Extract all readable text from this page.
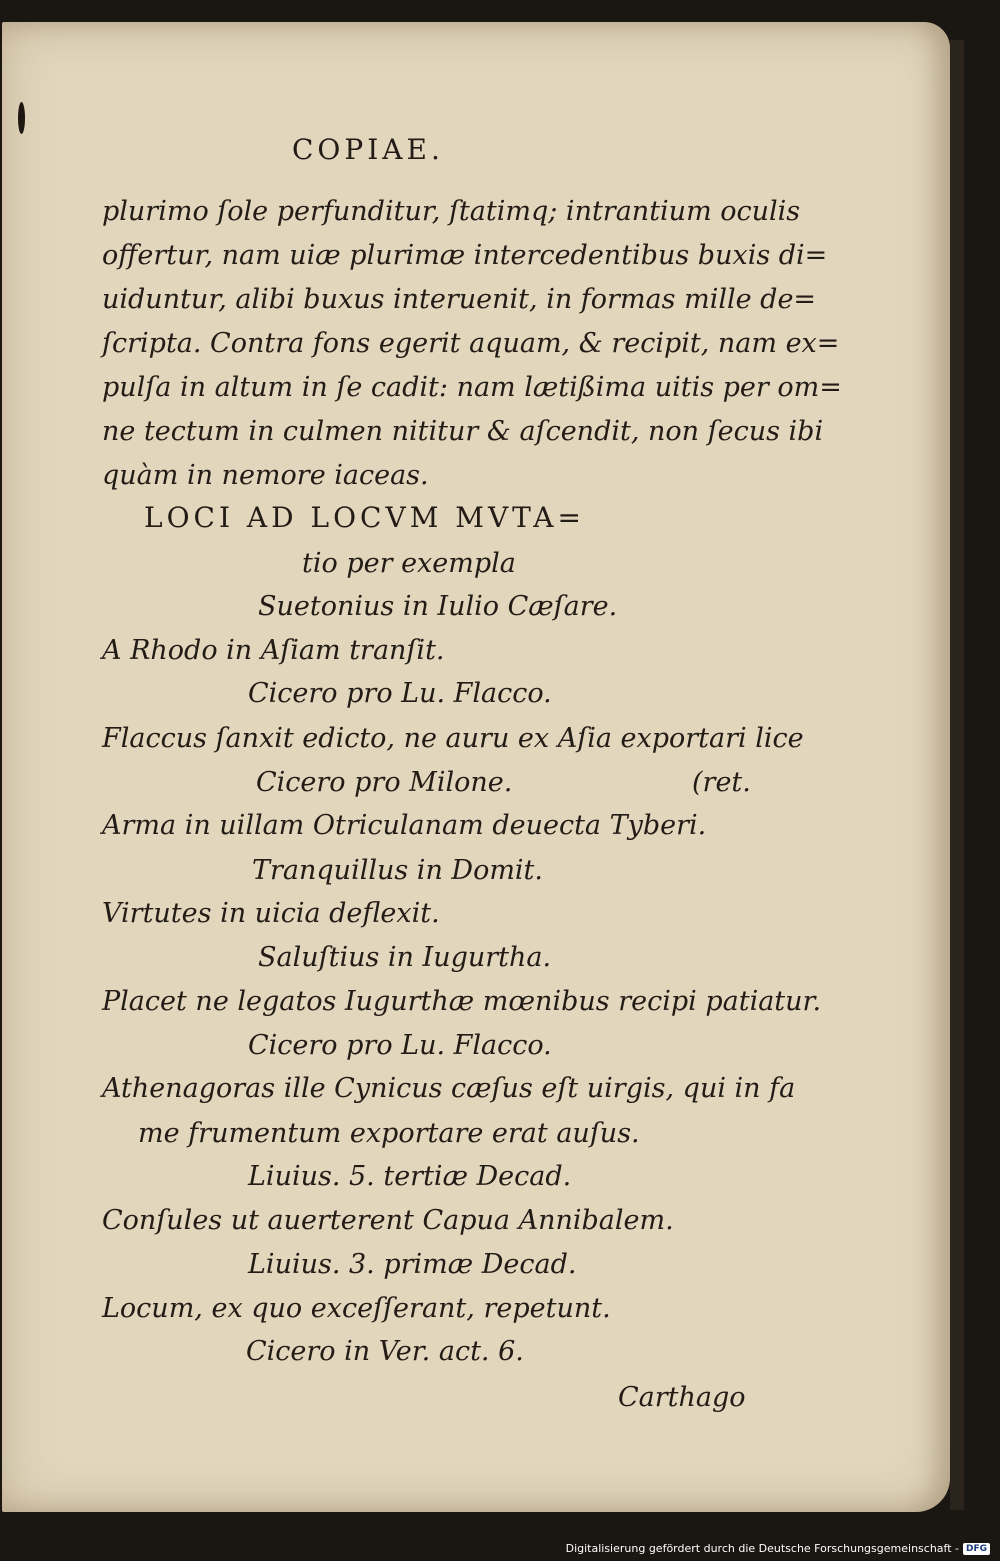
COPIAE.
plurimo ſole perfunditur, ſtatimq; intrantium oculis
offertur, nam uiæ plurimæ intercedentibus buxis di=
uiduntur, alibi buxus interuenit, in formas mille de=
ſcripta. Contra fons egerit aquam, & recipit, nam ex=
pulſa in altum in ſe cadit: nam lætißima uitis per om=
ne tectum in culmen nititur & aſcendit, non ſecus ibi
quàm in nemore iaceas.
LOCI AD LOCVM MVTA=
tio per exempla
Suetonius in Iulio Cæſare.
A Rhodo in Aſiam tranſit.
Cicero pro Lu. Flacco.
Flaccus ſanxit edicto, ne auru ex Aſia exportari lice
Cicero pro Milone.	(ret.
Arma in uillam Otriculanam deuecta Tyberi.
Tranquillus in Domit.
Virtutes in uicia deflexit.
Saluſtius in Iugurtha.
Placet ne legatos Iugurthæ mœnibus recipi patiatur.
Cicero pro Lu. Flacco.
Athenagoras ille Cynicus cæſus eſt uirgis, qui in fa
me frumentum exportare erat auſus.
Liuius. 5. tertiæ Decad.
Conſules ut auerterent Capua Annibalem.
Liuius. 3. primæ Decad.
Locum, ex quo exceſſerant, repetunt.
Cicero in Ver. act. 6.
Carthago
Digitalisierung gefördert durch die Deutsche Forschungsgemeinschaft - DFG
